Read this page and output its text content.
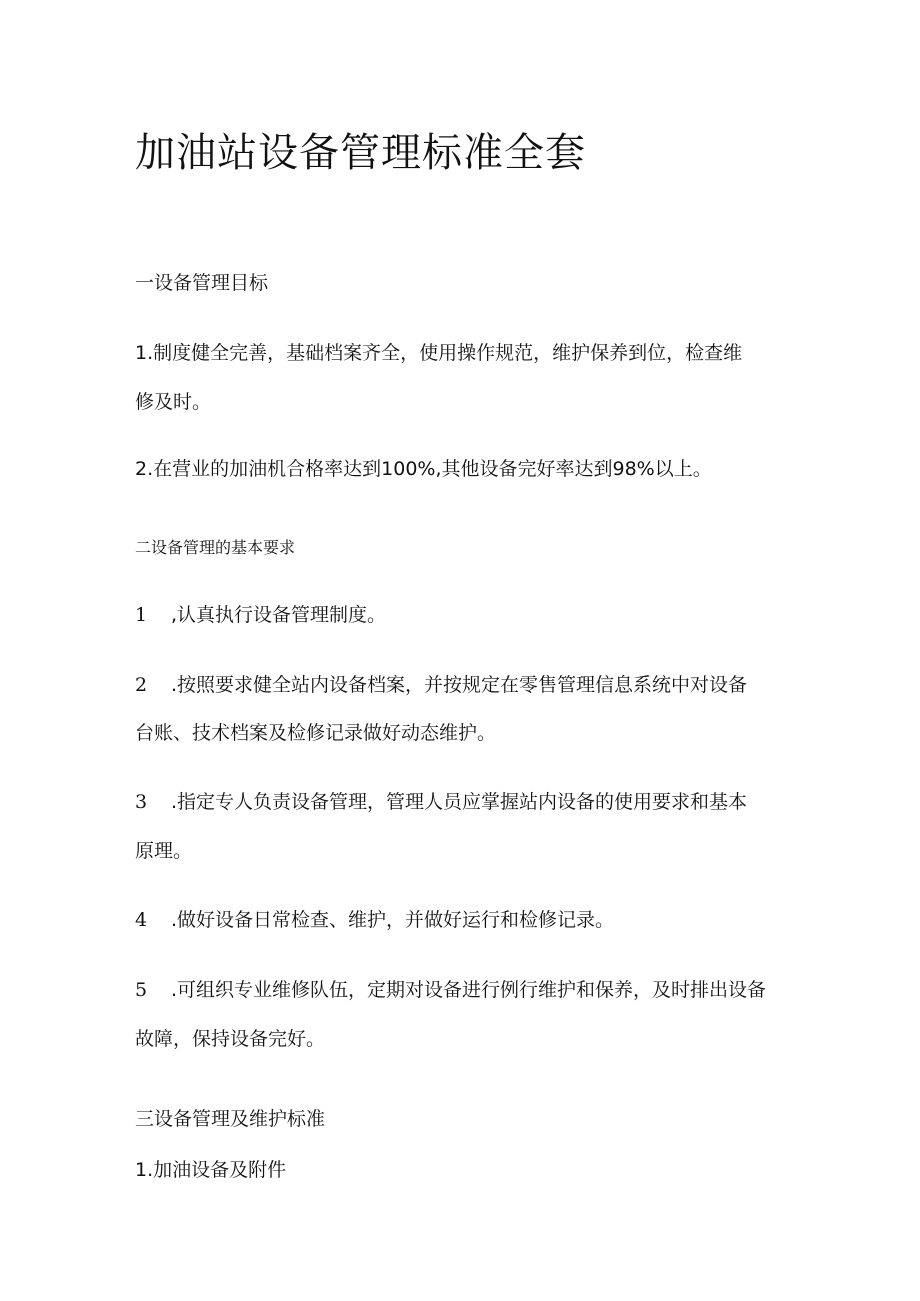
加油站设备管理标准全套
一设备管理目标
1.制度健全完善，基础档案齐全，使用操作规范，维护保养到位，检查维
修及时。
2.在营业的加油机合格率达到100%,其他设备完好率达到98%以上。
二设备管理的基本要求
1 ,认真执行设备管理制度。
2 .按照要求健全站内设备档案，并按规定在零售管理信息系统中对设备
台账、技术档案及检修记录做好动态维护。
3 .指定专人负责设备管理，管理人员应掌握站内设备的使用要求和基本
原理。
4 .做好设备日常检查、维护，并做好运行和检修记录。
5 .可组织专业维修队伍，定期对设备进行例行维护和保养，及时排出设备
故障，保持设备完好。
三设备管理及维护标准
1.加油设备及附件
